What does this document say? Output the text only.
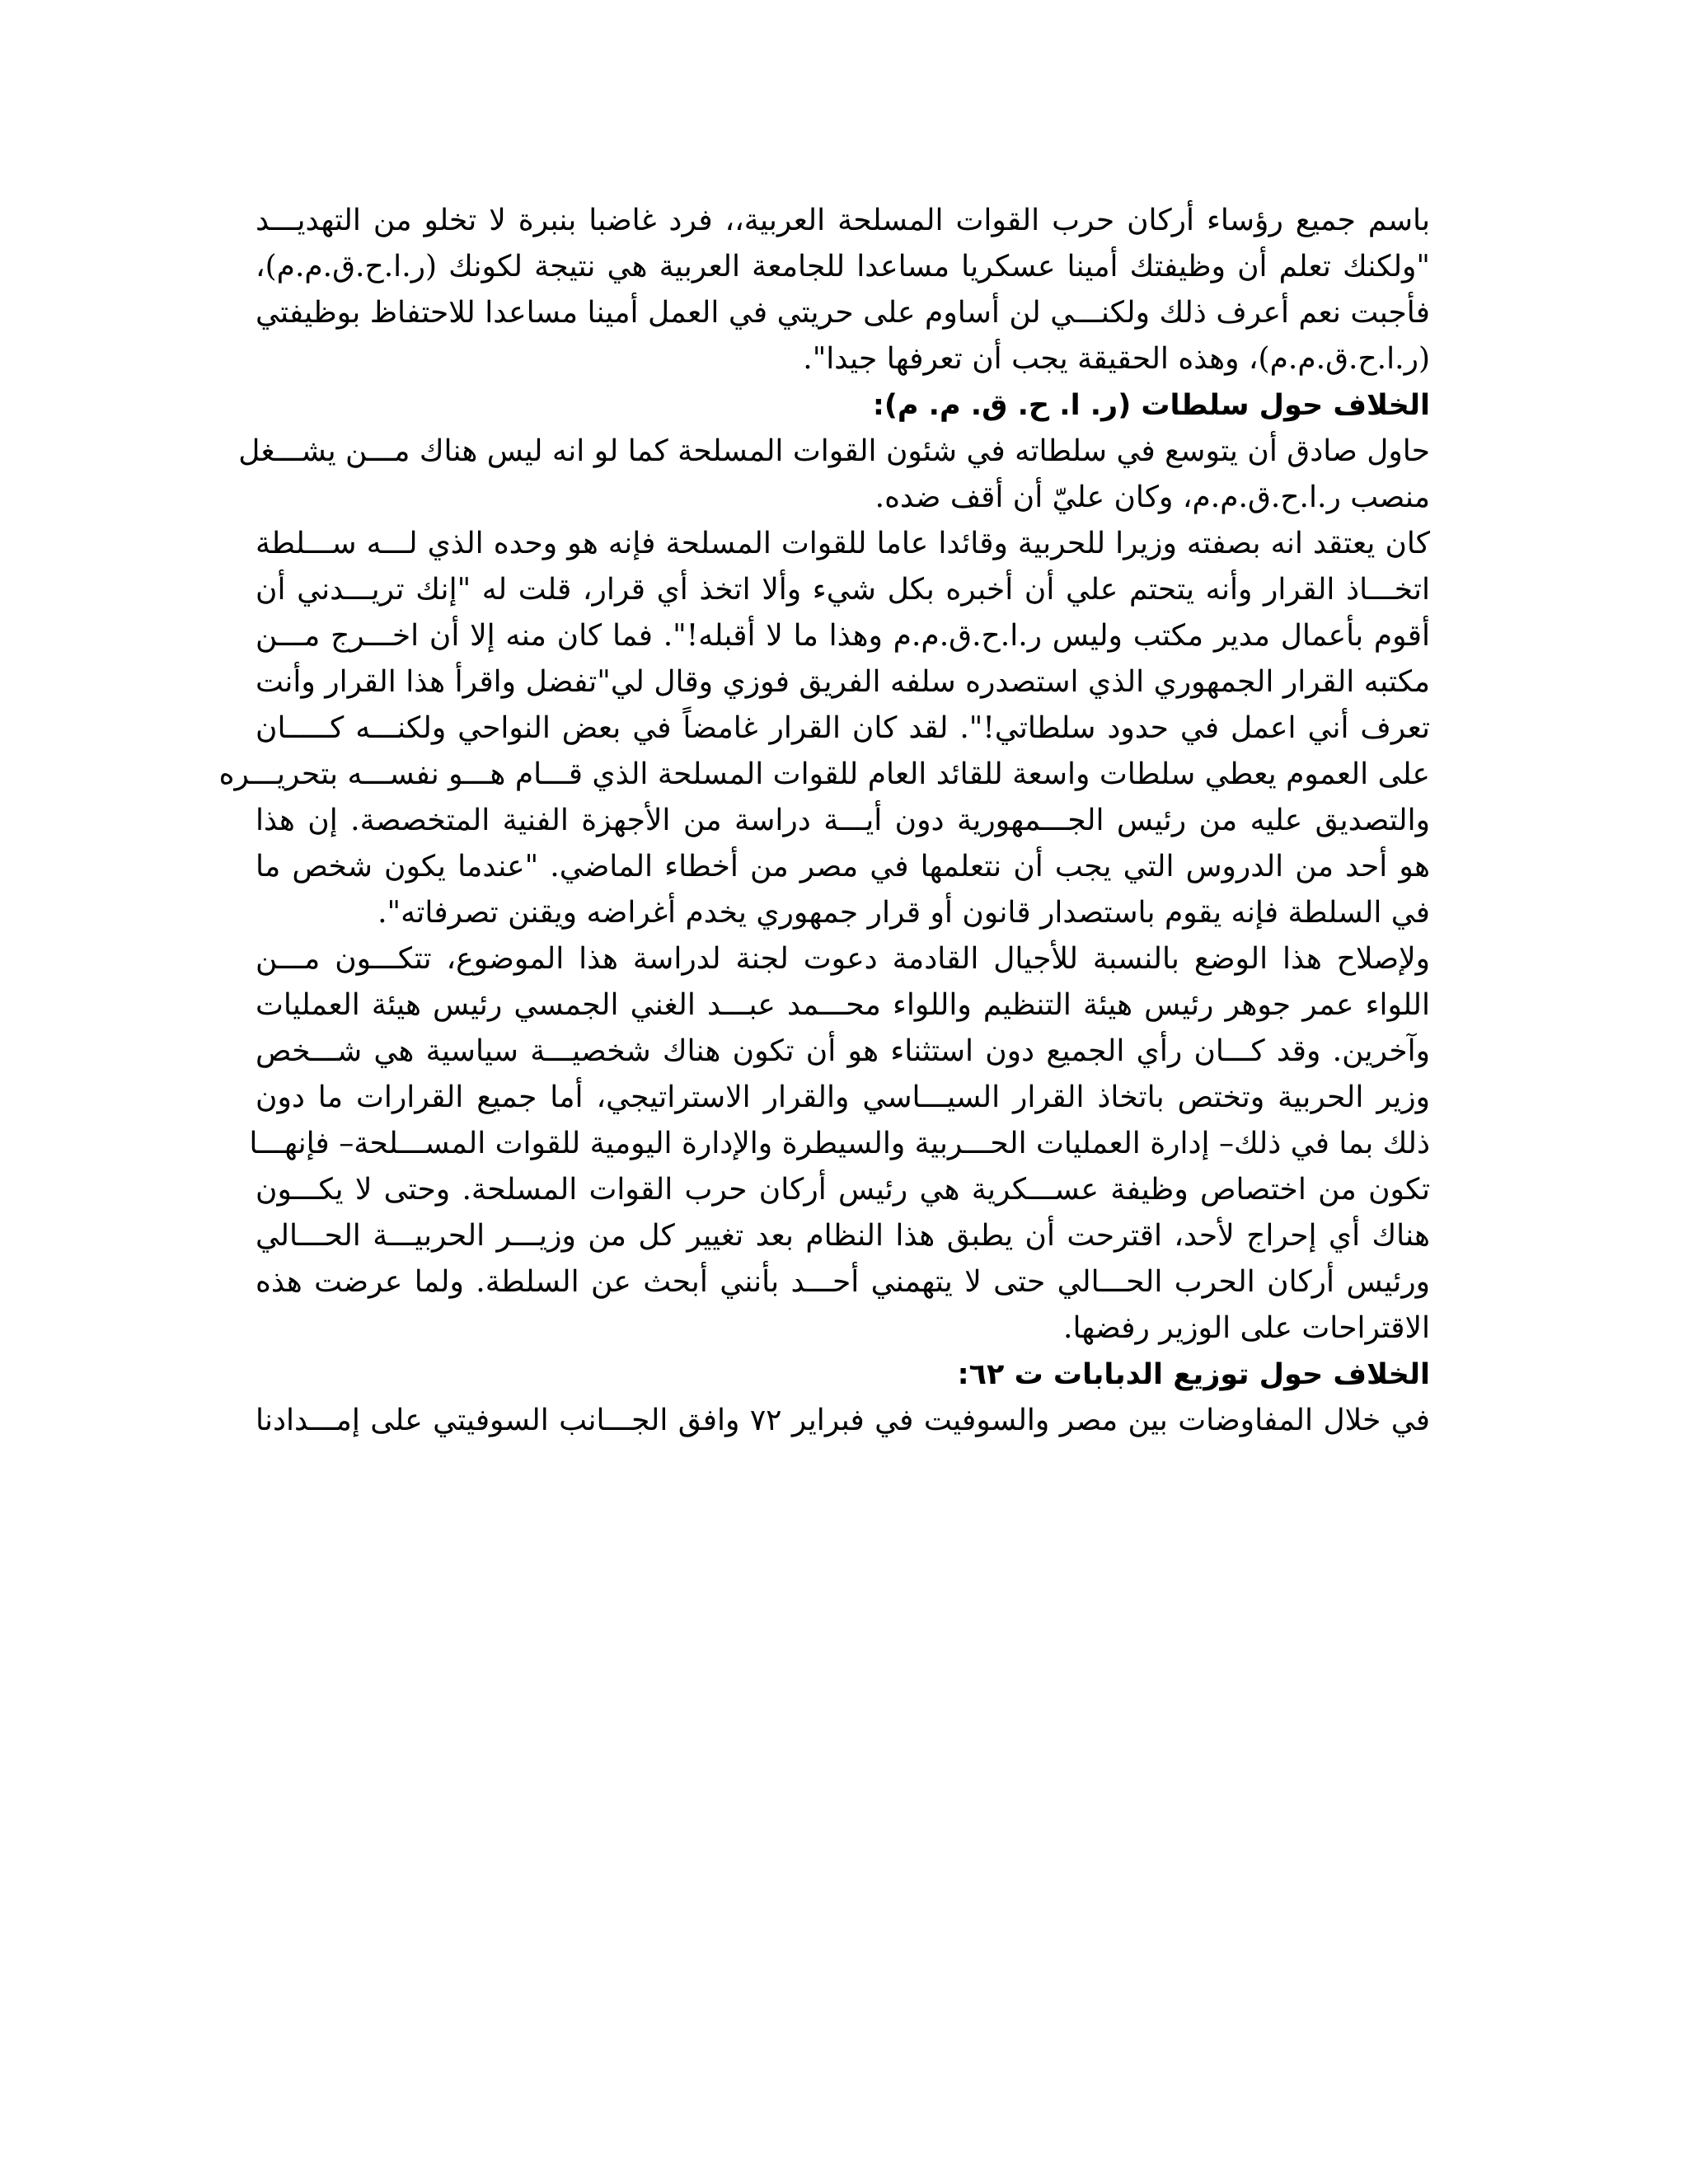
باسم جميع رؤساء أركان حرب القوات المسلحة العربية،، فرد غاضبا بنبرة لا تخلو من التهديـــد
"ولكنك تعلم أن وظيفتك أمينا عسكريا مساعدا للجامعة العربية هي نتيجة لكونك (ر.ا.ح.ق.م.م)،
فأجبت نعم أعرف ذلك ولكنـــي لن أساوم على حريتي في العمل أمينا مساعدا للاحتفاظ بوظيفتي
(ر.ا.ح.ق.م.م)، وهذه الحقيقة يجب أن تعرفها جيدا".

الخلاف حول سلطات (ر. ا. ح. ق. م. م):

حاول صادق أن يتوسع في سلطاته في شئون القوات المسلحة كما لو انه ليس هناك مـــن يشـــغل
منصب ر.ا.ح.ق.م.م، وكان عليّ أن أقف ضده.

كان يعتقد انه بصفته وزيرا للحربية وقائدا عاما للقوات المسلحة فإنه هو وحده الذي لـــه ســـلطة
اتخـــاذ القرار وأنه يتحتم علي أن أخبره بكل شيء وألا اتخذ أي قرار، قلت له "إنك تريـــدني أن
أقوم بأعمال مدير مكتب وليس ر.ا.ح.ق.م.م وهذا ما لا أقبله!". فما كان منه إلا أن اخـــرج مـــن
مكتبه القرار الجمهوري الذي استصدره سلفه الفريق فوزي وقال لي"تفضل واقرأ هذا القرار وأنت
تعرف أني اعمل في حدود سلطاتي!". لقد كان القرار غامضاً في بعض النواحي ولكنـــه كـــــان
على العموم يعطي سلطات واسعة للقائد العام للقوات المسلحة الذي قـــام هـــو نفســـه بتحريـــره
والتصديق عليه من رئيس الجـــمهورية دون أيـــة دراسة من الأجهزة الفنية المتخصصة. إن هذا
هو أحد من الدروس التي يجب أن نتعلمها في مصر من أخطاء الماضي. "عندما يكون شخص ما
في السلطة فإنه يقوم باستصدار قانون أو قرار جمهوري يخدم أغراضه ويقنن تصرفاته".

ولإصلاح هذا الوضع بالنسبة للأجيال القادمة دعوت لجنة لدراسة هذا الموضوع، تتكـــون مـــن
اللواء عمر جوهر رئيس هيئة التنظيم واللواء محـــمد عبـــد الغني الجمسي رئيس هيئة العمليات
وآخرين. وقد كـــان رأي الجميع دون استثناء هو أن تكون هناك شخصيـــة سياسية هي شـــخص
وزير الحربية وتختص باتخاذ القرار السيـــاسي والقرار الاستراتيجي، أما جميع القرارات ما دون
ذلك بما في ذلك– إدارة العمليات الحـــربية والسيطرة والإدارة اليومية للقوات المســـلحة– فإنهـــا
تكون من اختصاص وظيفة عســـكرية هي رئيس أركان حرب القوات المسلحة. وحتى لا يكـــون
هناك أي إحراج لأحد، اقترحت أن يطبق هذا النظام بعد تغيير كل من وزيـــر الحربيـــة الحـــالي
ورئيس أركان الحرب الحـــالي حتى لا يتهمني أحـــد بأنني أبحث عن السلطة. ولما عرضت هذه
الاقتراحات على الوزير رفضها.

الخلاف حول توزيع الدبابات ت ٦٢:

في خلال المفاوضات بين مصر والسوفيت في فبراير ٧٢ وافق الجـــانب السوفيتي على إمـــدادنا
